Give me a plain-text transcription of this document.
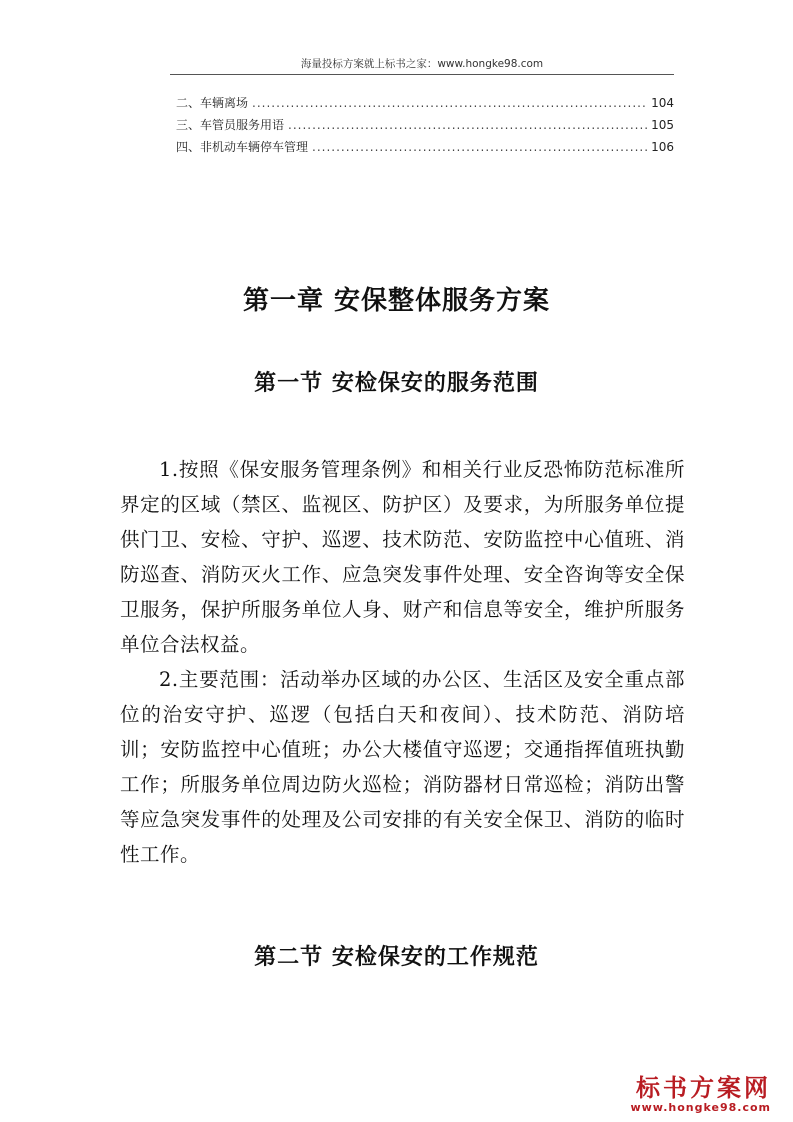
海量投标方案就上标书之家：www.hongke98.com
二、车辆离场 .....	104
三、车管员服务用语 .....	105
四、非机动车辆停车管理 .....	106
第一章 安保整体服务方案
第一节 安检保安的服务范围

1.按照《保安服务管理条例》和相关行业反恐怖防范标准所界定的区域（禁区、监视区、防护区）及要求，为所服务单位提供门卫、安检、守护、巡逻、技术防范、安防监控中心值班、消防巡查、消防灭火工作、应急突发事件处理、安全咨询等安全保卫服务，保护所服务单位人身、财产和信息等安全，维护所服务单位合法权益。

2.主要范围：活动举办区域的办公区、生活区及安全重点部位的治安守护、巡逻（包括白天和夜间）、技术防范、消防培训；安防监控中心值班；办公大楼值守巡逻；交通指挥值班执勤工作；所服务单位周边防火巡检；消防器材日常巡检；消防出警等应急突发事件的处理及公司安排的有关安全保卫、消防的临时性工作。

第二节 安检保安的工作规范
标书方案网
www.hongke98.com
